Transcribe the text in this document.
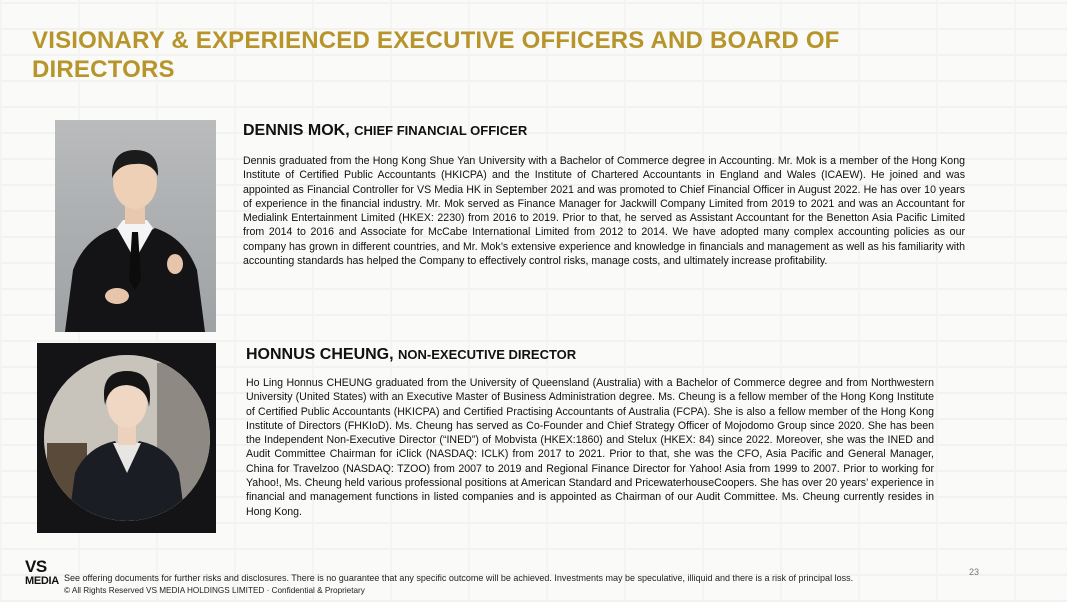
VISIONARY & EXPERIENCED EXECUTIVE OFFICERS AND BOARD OF DIRECTORS
DENNIS MOK, CHIEF FINANCIAL OFFICER
Dennis graduated from the Hong Kong Shue Yan University with a Bachelor of Commerce degree in Accounting. Mr. Mok is a member of the Hong Kong Institute of Certified Public Accountants (HKICPA) and the Institute of Chartered Accountants in England and Wales (ICAEW). He joined and was appointed as Financial Controller for VS Media HK in September 2021 and was promoted to Chief Financial Officer in August 2022. He has over 10 years of experience in the financial industry. Mr. Mok served as Finance Manager for Jackwill Company Limited from 2019 to 2021 and was an Accountant for Medialink Entertainment Limited (HKEX: 2230) from 2016 to 2019. Prior to that, he served as Assistant Accountant for the Benetton Asia Pacific Limited from 2014 to 2016 and Associate for McCabe International Limited from 2012 to 2014. We have adopted many complex accounting policies as our company has grown in different countries, and Mr. Mok’s extensive experience and knowledge in financials and management as well as his familiarity with accounting standards has helped the Company to effectively control risks, manage costs, and ultimately increase profitability.
HONNUS CHEUNG, NON-EXECUTIVE DIRECTOR
Ho Ling Honnus CHEUNG graduated from the University of Queensland (Australia) with a Bachelor of Commerce degree and from Northwestern University (United States) with an Executive Master of Business Administration degree. Ms. Cheung is a fellow member of the Hong Kong Institute of Certified Public Accountants (HKICPA) and Certified Practising Accountants of Australia (FCPA). She is also a fellow member of the Hong Kong Institute of Directors (FHKIoD). Ms. Cheung has served as Co-Founder and Chief Strategy Officer of Mojodomo Group since 2020. She has been the Independent Non-Executive Director (“INED”) of Mobvista (HKEX:1860) and Stelux (HKEX: 84) since 2022. Moreover, she was the INED and Audit Committee Chairman for iClick (NASDAQ: ICLK) from 2017 to 2021. Prior to that, she was the CFO, Asia Pacific and General Manager, China for Travelzoo (NASDAQ: TZOO) from 2007 to 2019 and Regional Finance Director for Yahoo! Asia from 1999 to 2007. Prior to working for Yahoo!, Ms. Cheung held various professional positions at American Standard and PricewaterhouseCoopers. She has over 20 years’ experience in financial and management functions in listed companies and is appointed as Chairman of our Audit Committee. Ms. Cheung currently resides in Hong Kong.
VS
MEDIA See offering documents for further risks and disclosures. There is no guarantee that any specific outcome will be achieved. Investments may be speculative, illiquid and there is a risk of principal loss.
© All Rights Reserved VS MEDIA HOLDINGS LIMITED · Confidential & Proprietary
23
